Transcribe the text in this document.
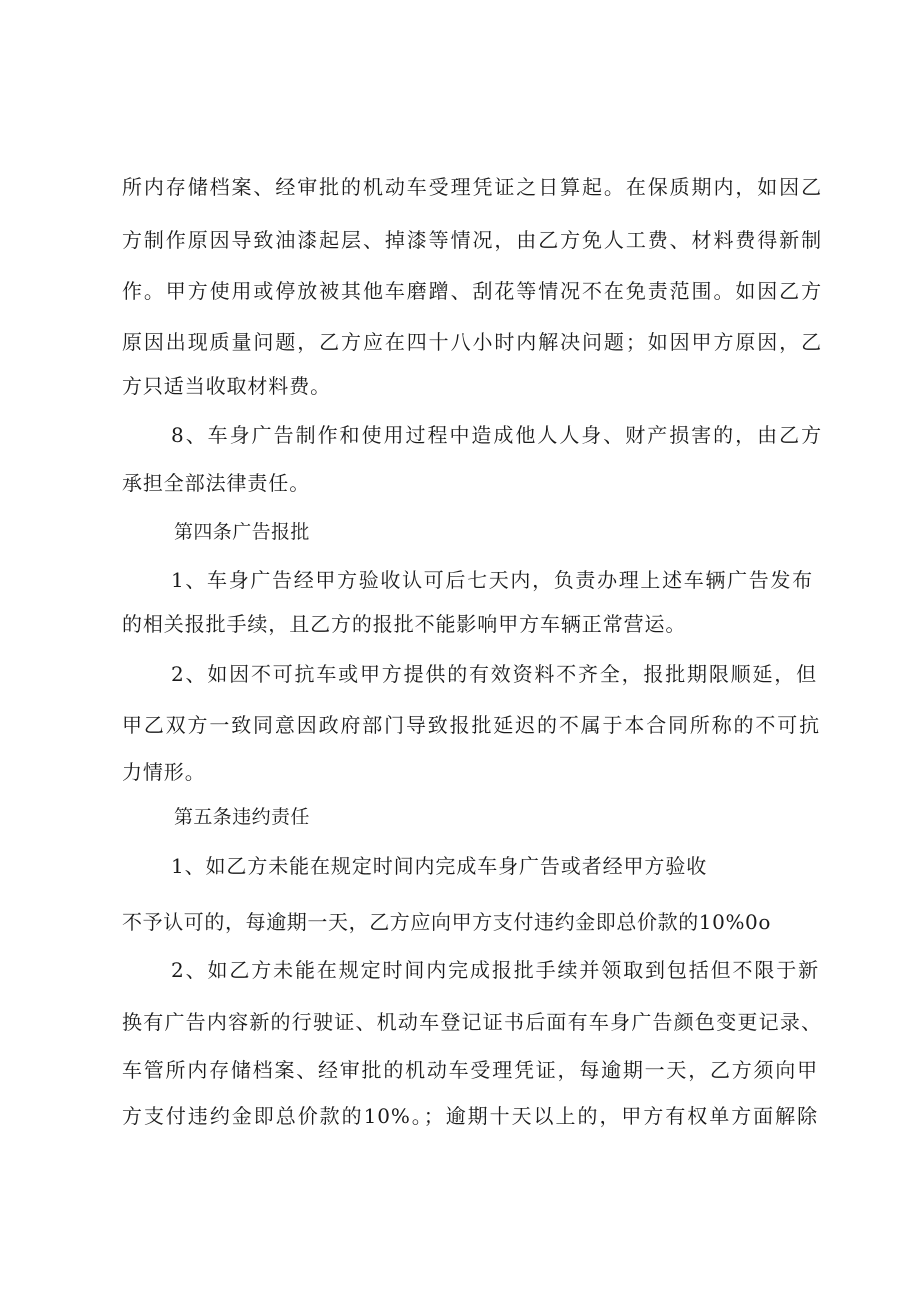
所内存储档案、经审批的机动车受理凭证之日算起。在保质期内，如因乙
方制作原因导致油漆起层、掉漆等情况，由乙方免人工费、材料费得新制
作。甲方使用或停放被其他车磨蹭、刮花等情况不在免责范围。如因乙方
原因出现质量问题，乙方应在四十八小时内解决问题；如因甲方原因，乙
方只适当收取材料费。
8、车身广告制作和使用过程中造成他人人身、财产损害的，由乙方
承担全部法律责任。
第四条广告报批
1、车身广告经甲方验收认可后七天内，负责办理上述车辆广告发布
的相关报批手续，且乙方的报批不能影响甲方车辆正常营运。
2、如因不可抗车或甲方提供的有效资料不齐全，报批期限顺延，但
甲乙双方一致同意因政府部门导致报批延迟的不属于本合同所称的不可抗
力情形。
第五条违约责任
1、如乙方未能在规定时间内完成车身广告或者经甲方验收
不予认可的，每逾期一天，乙方应向甲方支付违约金即总价款的10%0o
2、如乙方未能在规定时间内完成报批手续并领取到包括但不限于新
换有广告内容新的行驶证、机动车登记证书后面有车身广告颜色变更记录、
车管所内存储档案、经审批的机动车受理凭证，每逾期一天，乙方须向甲
方支付违约金即总价款的10%。；逾期十天以上的，甲方有权单方面解除
